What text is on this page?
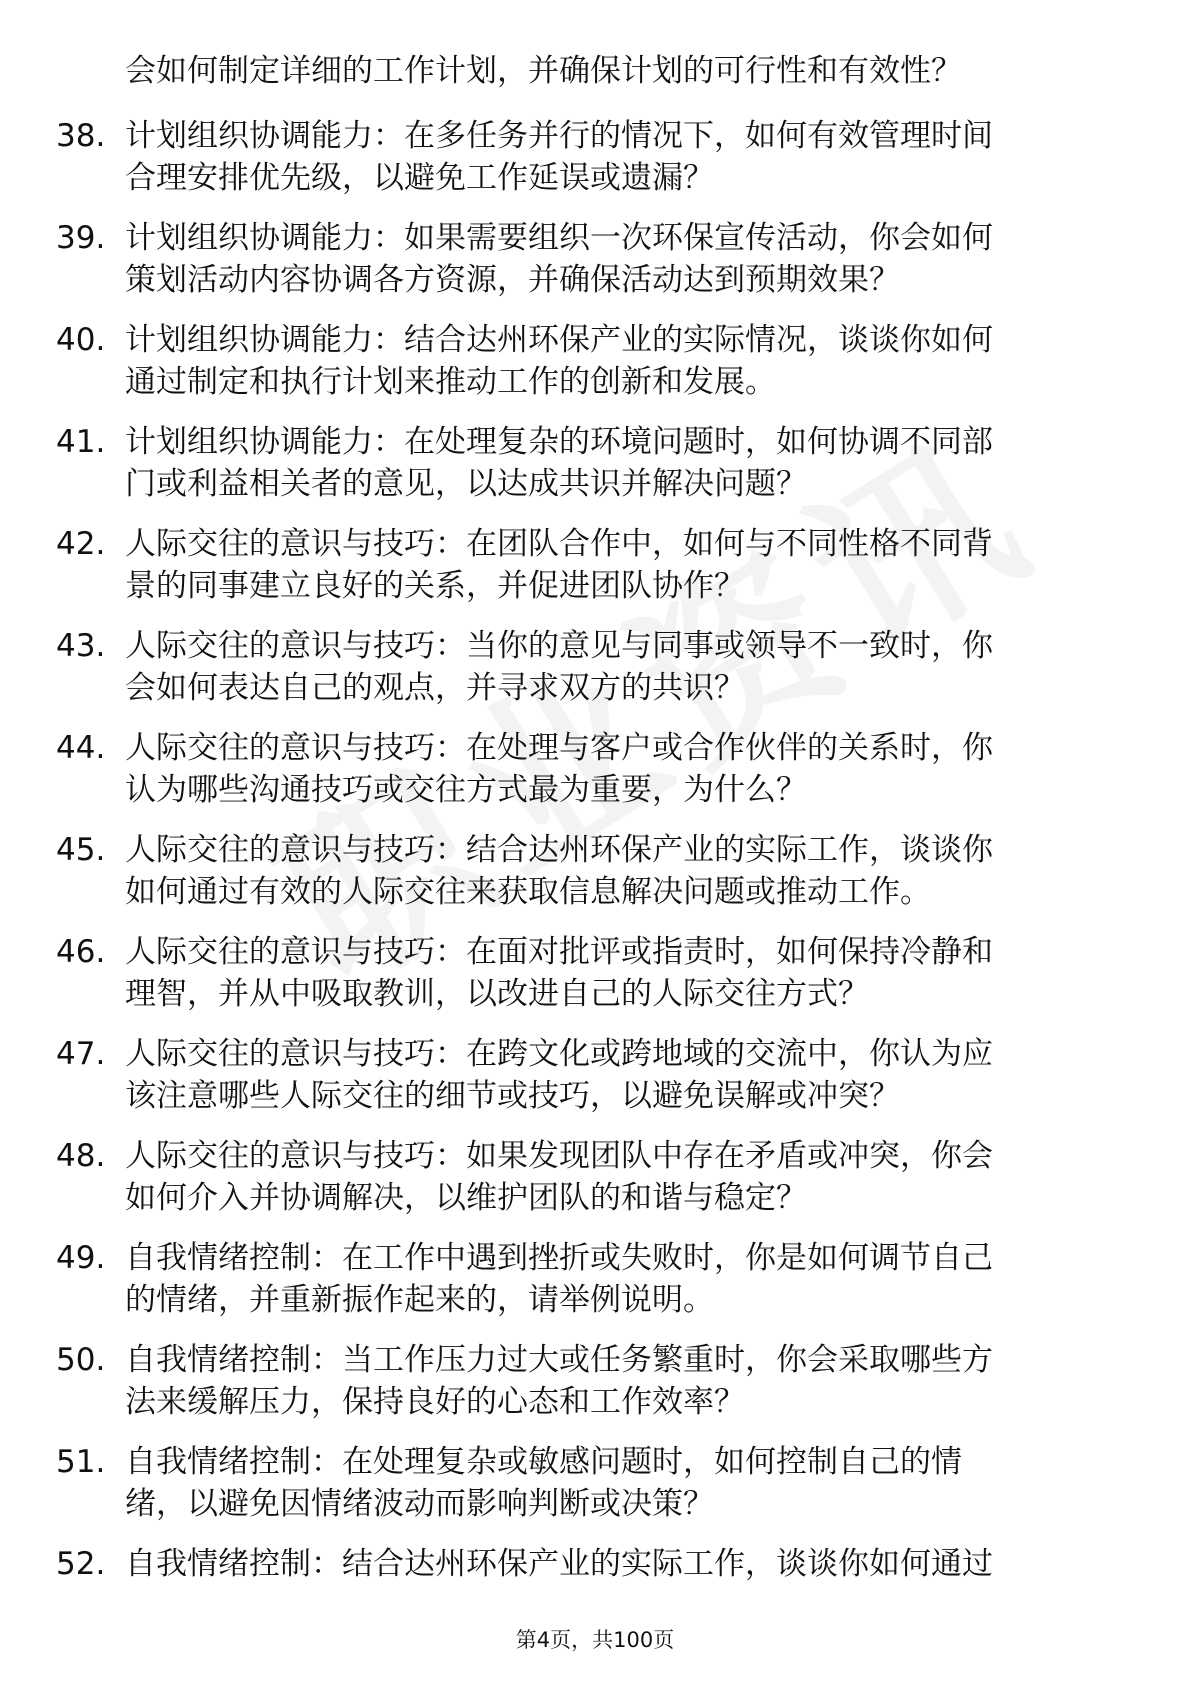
会如何制定详细的工作计划，并确保计划的可行性和有效性？
38. 计划组织协调能力：在多任务并行的情况下，如何有效管理时间
合理安排优先级，以避免工作延误或遗漏？
39. 计划组织协调能力：如果需要组织一次环保宣传活动，你会如何
策划活动内容协调各方资源，并确保活动达到预期效果？
40. 计划组织协调能力：结合达州环保产业的实际情况，谈谈你如何
通过制定和执行计划来推动工作的创新和发展。
41. 计划组织协调能力：在处理复杂的环境问题时，如何协调不同部
门或利益相关者的意见，以达成共识并解决问题？
42. 人际交往的意识与技巧：在团队合作中，如何与不同性格不同背
景的同事建立良好的关系，并促进团队协作？
43. 人际交往的意识与技巧：当你的意见与同事或领导不一致时，你
会如何表达自己的观点，并寻求双方的共识？
44. 人际交往的意识与技巧：在处理与客户或合作伙伴的关系时，你
认为哪些沟通技巧或交往方式最为重要，为什么？
45. 人际交往的意识与技巧：结合达州环保产业的实际工作，谈谈你
如何通过有效的人际交往来获取信息解决问题或推动工作。
46. 人际交往的意识与技巧：在面对批评或指责时，如何保持冷静和
理智，并从中吸取教训，以改进自己的人际交往方式？
47. 人际交往的意识与技巧：在跨文化或跨地域的交流中，你认为应
该注意哪些人际交往的细节或技巧，以避免误解或冲突？
48. 人际交往的意识与技巧：如果发现团队中存在矛盾或冲突，你会
如何介入并协调解决，以维护团队的和谐与稳定？
49. 自我情绪控制：在工作中遇到挫折或失败时，你是如何调节自己
的情绪，并重新振作起来的，请举例说明。
50. 自我情绪控制：当工作压力过大或任务繁重时，你会采取哪些方
法来缓解压力，保持良好的心态和工作效率？
51. 自我情绪控制：在处理复杂或敏感问题时，如何控制自己的情
绪，以避免因情绪波动而影响判断或决策？
52. 自我情绪控制：结合达州环保产业的实际工作，谈谈你如何通过
第4页，共100页
